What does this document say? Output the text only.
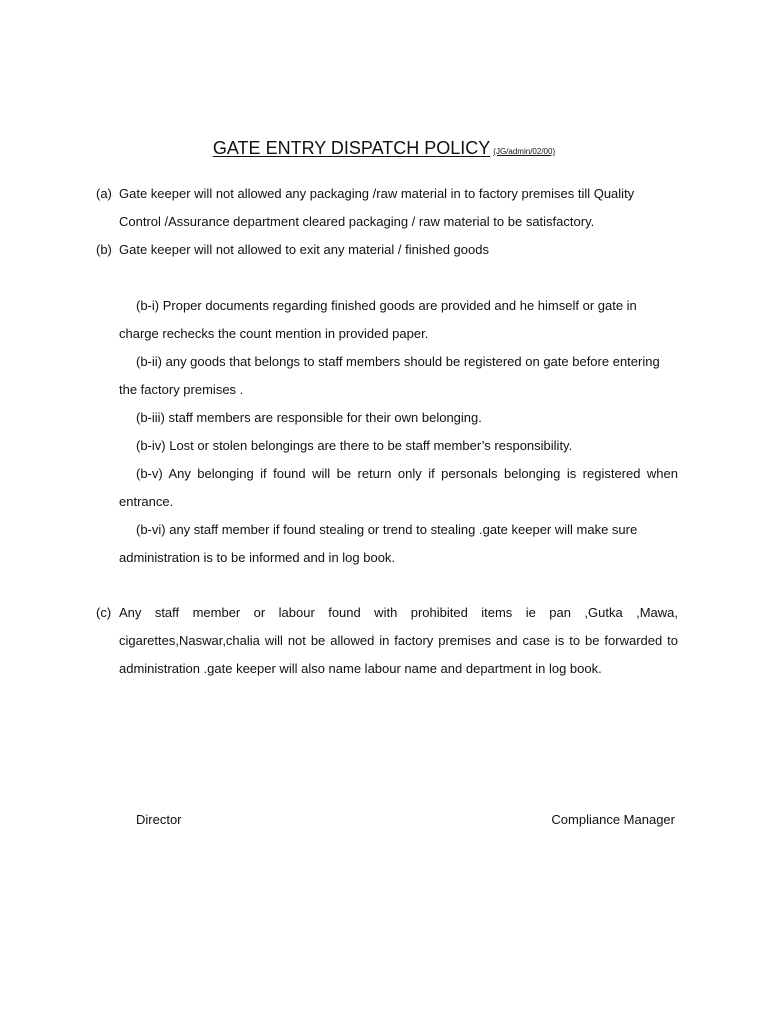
GATE ENTRY DISPATCH POLICY (JG/admin/02/00)
(a) Gate keeper will not allowed any packaging /raw material in to factory premises till Quality Control /Assurance department cleared packaging / raw material to be satisfactory.
(b) Gate keeper will not allowed to exit any material / finished goods
(b-i) Proper documents regarding finished goods are provided and he himself or gate in charge rechecks the count mention in provided paper.
(b-ii) any goods that belongs to staff members should be registered on gate before entering the factory premises .
(b-iii) staff members are responsible for their own belonging.
(b-iv) Lost or stolen belongings are there to be staff member’s responsibility.
(b-v) Any belonging if found will be return only if personals belonging is registered when entrance.
(b-vi) any staff member if found stealing or trend to stealing .gate keeper will make sure administration is to be informed and in log book.
(c) Any staff member or labour found with prohibited items ie pan ,Gutka ,Mawa, cigarettes,Naswar,chalia will not be allowed in factory premises and case is to be forwarded to administration .gate keeper will also name labour name and department in log book.
Director	Compliance Manager
